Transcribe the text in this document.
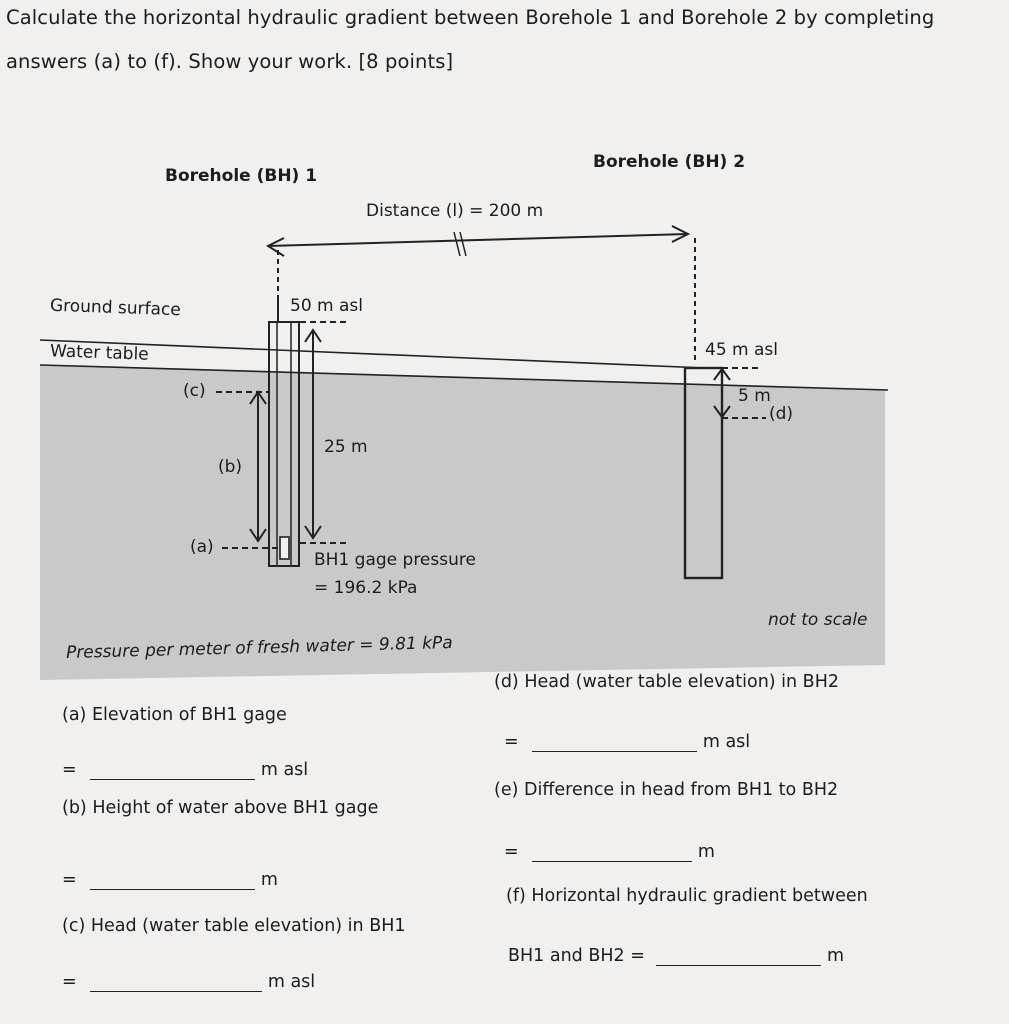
Calculate the horizontal hydraulic gradient between Borehole 1 and Borehole 2 by completing
answers (a) to (f). Show your work. [8 points]
Borehole (BH) 1
Borehole (BH) 2
Distance (l) = 200 m
Ground surface
Water table
50 m asl
45 m asl
25 m
5 m
(c)
(b)
(a)
(d)
BH1 gage pressure
= 196.2 kPa
not to scale
Pressure per meter of fresh water = 9.81 kPa
(a) Elevation of BH1 gage
=	m asl
(b) Height of water above BH1 gage
=	m
(c) Head (water table elevation) in BH1
=	m asl
(d) Head (water table elevation) in BH2
=	m asl
(e) Difference in head from BH1 to BH2
=	m
(f) Horizontal hydraulic gradient between
BH1 and BH2 =	m
